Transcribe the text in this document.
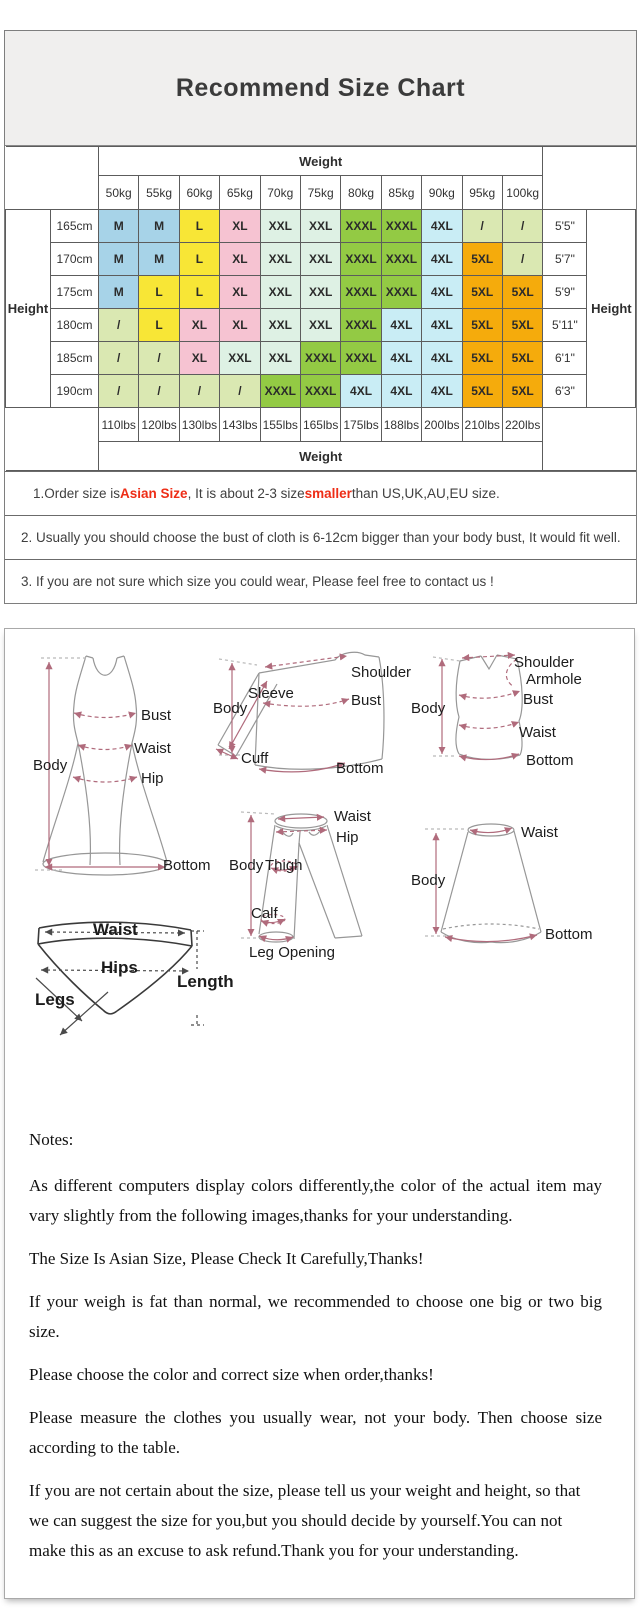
Recommend Size Chart
		Weight												
		50kg	55kg	60kg	65kg	70kg	75kg	80kg	85kg	90kg	95kg	100kg		
Height	165cm	M	M	L	XL	XXL	XXL	XXXL	XXXL	4XL	/	/	5'5"	Height
	170cm	M	M	L	XL	XXL	XXL	XXXL	XXXL	4XL	5XL	/	5'7"	
	175cm	M	L	L	XL	XXL	XXL	XXXL	XXXL	4XL	5XL	5XL	5'9"	
	180cm	/	L	XL	XL	XXL	XXL	XXXL	4XL	4XL	5XL	5XL	5'11"	
	185cm	/	/	XL	XXL	XXL	XXXL	XXXL	4XL	4XL	5XL	5XL	6'1"	
	190cm	/	/	/	/	XXXL	XXXL	4XL	4XL	4XL	5XL	5XL	6'3"	
		110lbs	120lbs	130lbs	143lbs	155lbs	165lbs	175lbs	188lbs	200lbs	210lbs	220lbs		
		Weight												
1.Order size is Asian Size , It is about 2-3 size smaller than US,UK,AU,EU size.
2. Usually you should choose the bust of cloth is 6-12cm bigger than your body bust, It would fit well.
3. If you are not sure which size you could wear, Please feel free to contact us !
Body
Bust
Waist
Hip
Bottom
Sleeve
Body
Cuff
Shoulder
Bust
Bottom
Shoulder
Armhole
Body
Bust
Waist
Bottom
Waist
Hip
Body Thigh
Calf
Leg Opening
Waist
Body
Bottom
Waist
Hips
Legs
Length

Notes:

As different computers display colors differently,the color of the actual item may vary slightly from the following images,thanks for your understanding.

The Size Is Asian Size, Please Check It Carefully,Thanks!

If your weigh is fat than normal, we recommended to choose one big or two big size.

Please choose the color and correct size when order,thanks!

Please measure the clothes you usually wear, not your body. Then choose size according to the table.

If you are not certain about the size, please tell us your weight and height, so that we can suggest the size for you,but you should decide by yourself.You can not make this as an excuse to ask refund.Thank you for your understanding.
